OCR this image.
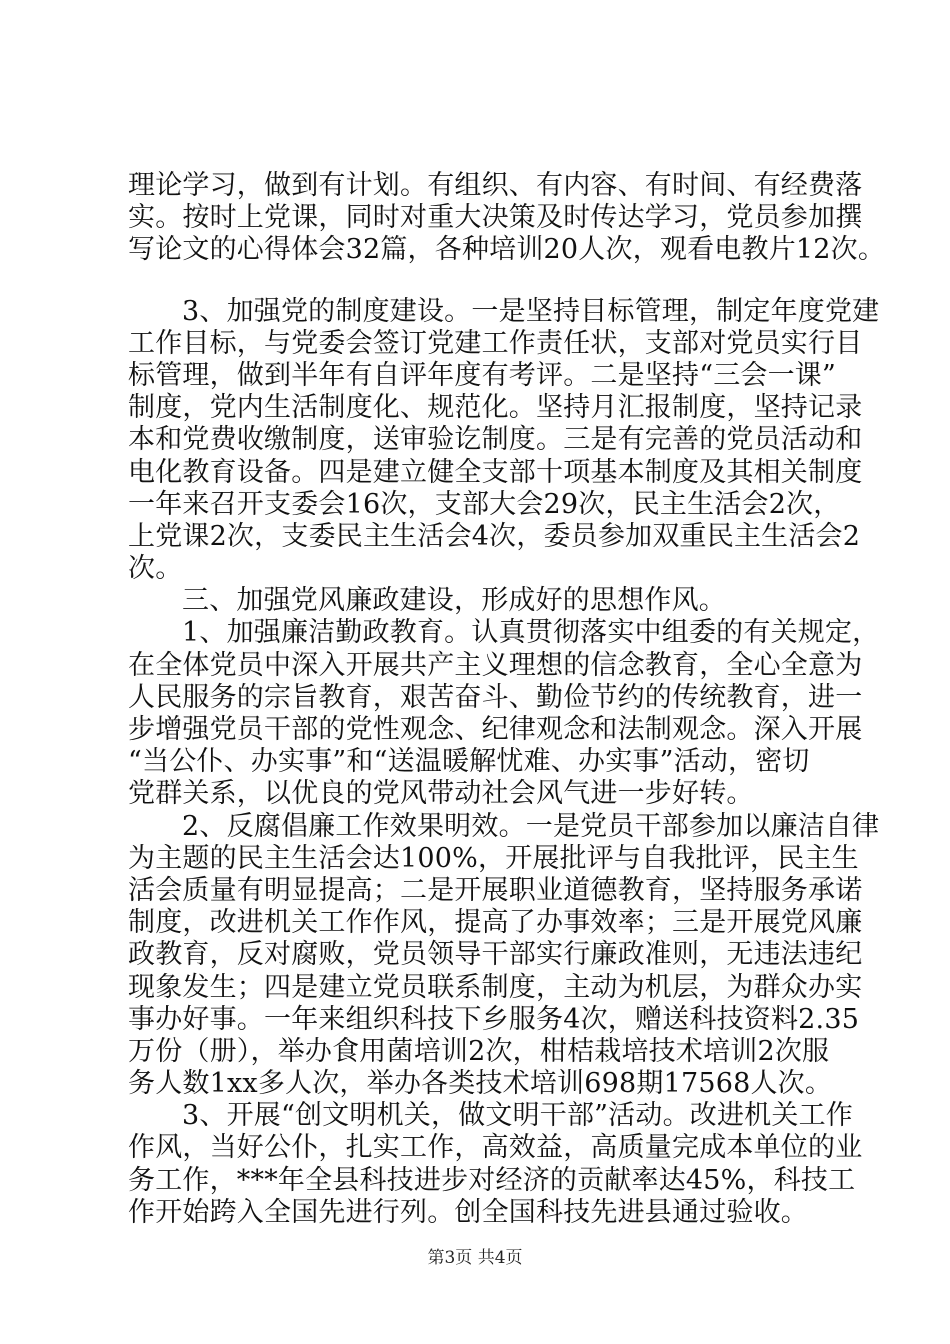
理论学习，做到有计划。有组织、有内容、有时间、有经费落
实。按时上党课，同时对重大决策及时传达学习，党员参加撰
写论文的心得体会32篇，各种培训20人次，观看电教片12次。
3、加强党的制度建设。一是坚持目标管理，制定年度党建
工作目标，与党委会签订党建工作责任状，支部对党员实行目
标管理，做到半年有自评年度有考评。二是坚持“三会一课”
制度，党内生活制度化、规范化。坚持月汇报制度，坚持记录
本和党费收缴制度，送审验讫制度。三是有完善的党员活动和
电化教育设备。四是建立健全支部十项基本制度及其相关制度
一年来召开支委会16次，支部大会29次，民主生活会2次，
上党课2次，支委民主生活会4次，委员参加双重民主生活会2
次。
三、加强党风廉政建设，形成好的思想作风。
1、加强廉洁勤政教育。认真贯彻落实中组委的有关规定，
在全体党员中深入开展共产主义理想的信念教育，全心全意为
人民服务的宗旨教育，艰苦奋斗、勤俭节约的传统教育，进一
步增强党员干部的党性观念、纪律观念和法制观念。深入开展
“当公仆、办实事”和“送温暖解忧难、办实事”活动，密切
党群关系，以优良的党风带动社会风气进一步好转。
2、反腐倡廉工作效果明效。一是党员干部参加以廉洁自律
为主题的民主生活会达100%，开展批评与自我批评，民主生
活会质量有明显提高；二是开展职业道德教育，坚持服务承诺
制度，改进机关工作作风，提高了办事效率；三是开展党风廉
政教育，反对腐败，党员领导干部实行廉政准则，无违法违纪
现象发生；四是建立党员联系制度，主动为机层，为群众办实
事办好事。一年来组织科技下乡服务4次，赠送科技资料2.35
万份（册），举办食用菌培训2次，柑桔栽培技术培训2次服
务人数1xx多人次，举办各类技术培训698期17568人次。
3、开展“创文明机关，做文明干部”活动。改进机关工作
作风，当好公仆，扎实工作，高效益，高质量完成本单位的业
务工作，***年全县科技进步对经济的贡献率达45%，科技工
作开始跨入全国先进行列。创全国科技先进县通过验收。
第3页 共4页
